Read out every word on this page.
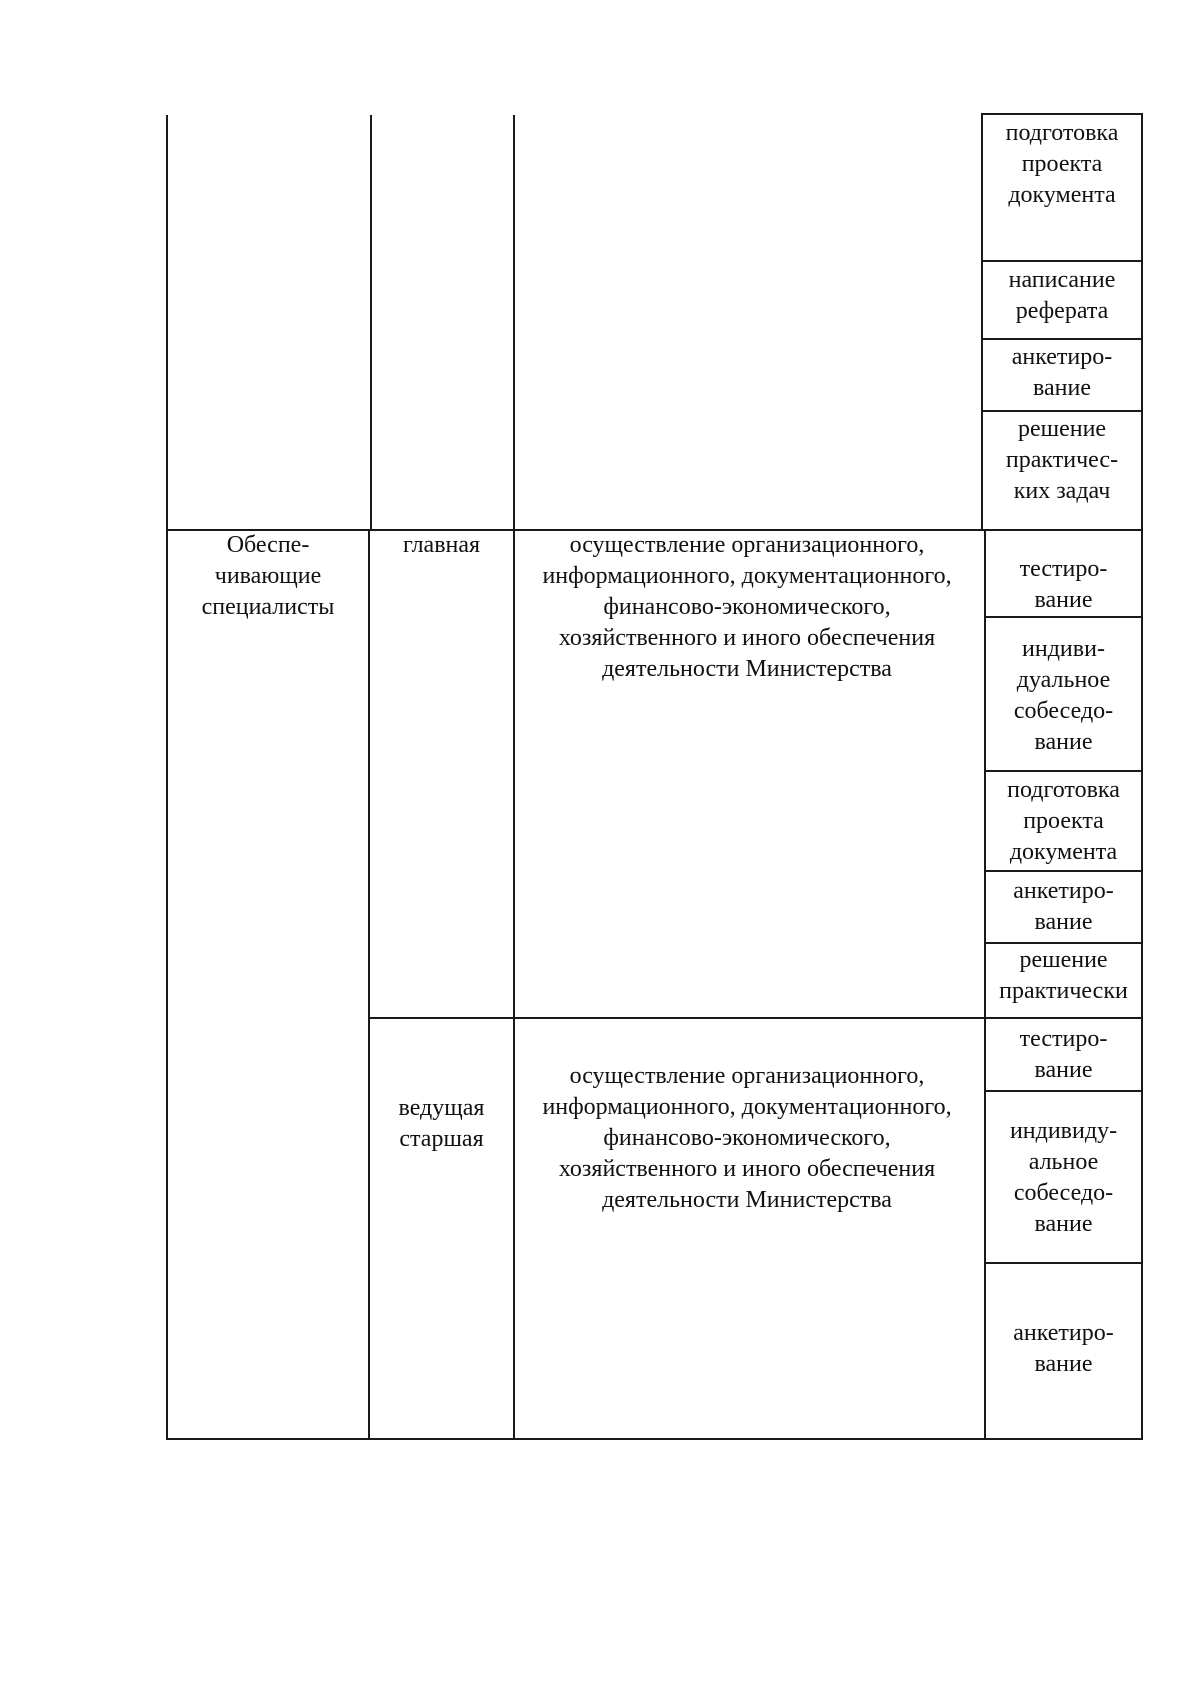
подготовка
проекта
документа
написание
реферата
анкетиро-
вание
решение
практичес-
ких задач
Обеспе-
чивающие
специалисты
главная	осуществление организационного,
информационного, документационного,
финансово-экономического,
хозяйственного и иного обеспечения
деятельности Министерства
тестиро-
вание
индиви-
дуальное
собеседо-
вание
подготовка
проекта
документа
анкетиро-
вание
решение
практически
ведущая
старшая
осуществление организационного,
информационного, документационного,
финансово-экономического,
хозяйственного и иного обеспечения
деятельности Министерства
тестиро-
вание
индивиду-
альное
собеседо-
вание
анкетиро-
вание
